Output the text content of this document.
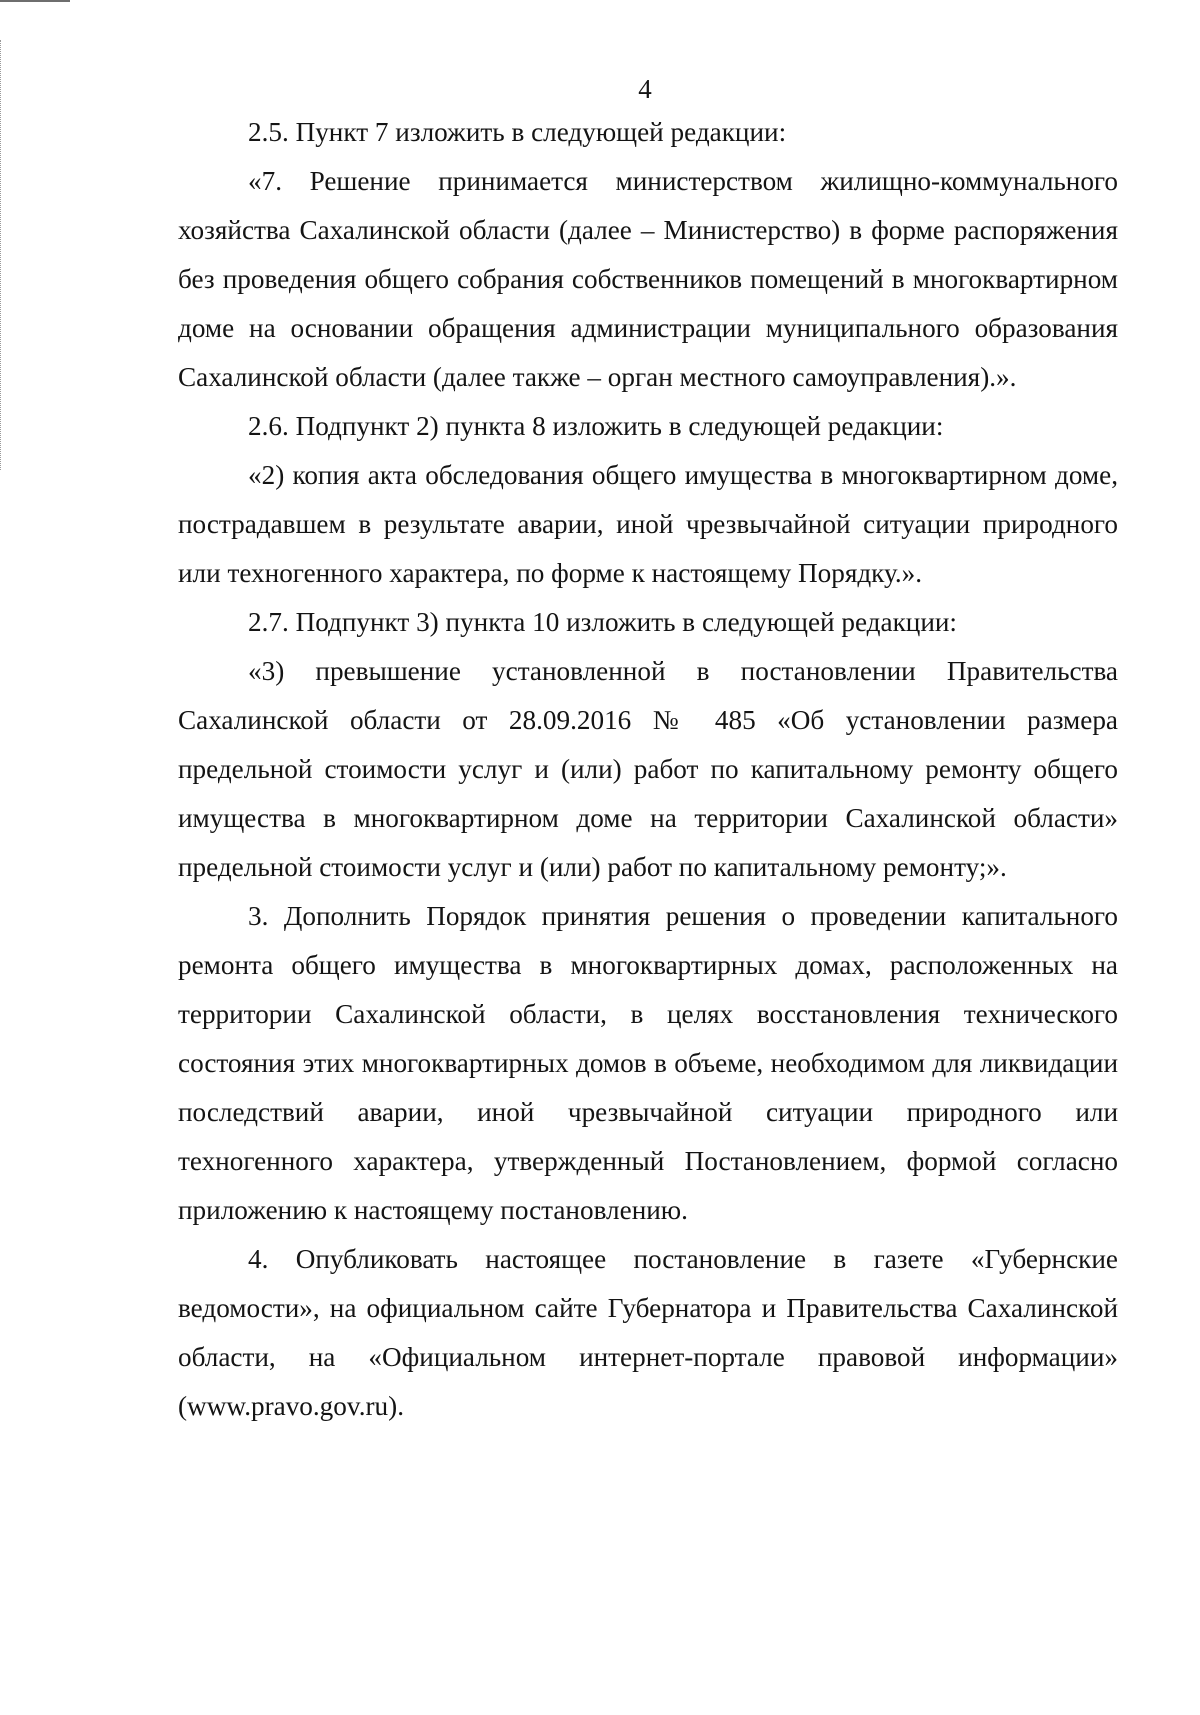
4

2.5. Пункт 7 изложить в следующей редакции:

«7. Решение принимается министерством жилищно-коммунального хозяйства Сахалинской области (далее – Министерство) в форме распоряжения без проведения общего собрания собственников помещений в многоквартирном доме на основании обращения администрации муниципального образования Сахалинской области (далее также – орган местного самоуправления).».

2.6. Подпункт 2) пункта 8 изложить в следующей редакции:

«2) копия акта обследования общего имущества в многоквартирном доме, пострадавшем в результате аварии, иной чрезвычайной ситуации природного или техногенного характера, по форме к настоящему Порядку.».

2.7. Подпункт 3) пункта 10 изложить в следующей редакции:

«3) превышение установленной в постановлении Правительства Сахалинской области от 28.09.2016 № 485 «Об установлении размера предельной стоимости услуг и (или) работ по капитальному ремонту общего имущества в многоквартирном доме на территории Сахалинской области» предельной стоимости услуг и (или) работ по капитальному ремонту;».

3. Дополнить Порядок принятия решения о проведении капитального ремонта общего имущества в многоквартирных домах, расположенных на территории Сахалинской области, в целях восстановления технического состояния этих многоквартирных домов в объеме, необходимом для ликвидации последствий аварии, иной чрезвычайной ситуации природного или техногенного характера, утвержденный Постановлением, формой согласно приложению к настоящему постановлению.

4. Опубликовать настоящее постановление в газете «Губернские ведомости», на официальном сайте Губернатора и Правительства Сахалинской области, на «Официальном интернет-портале правовой информации» (www.pravo.gov.ru).
